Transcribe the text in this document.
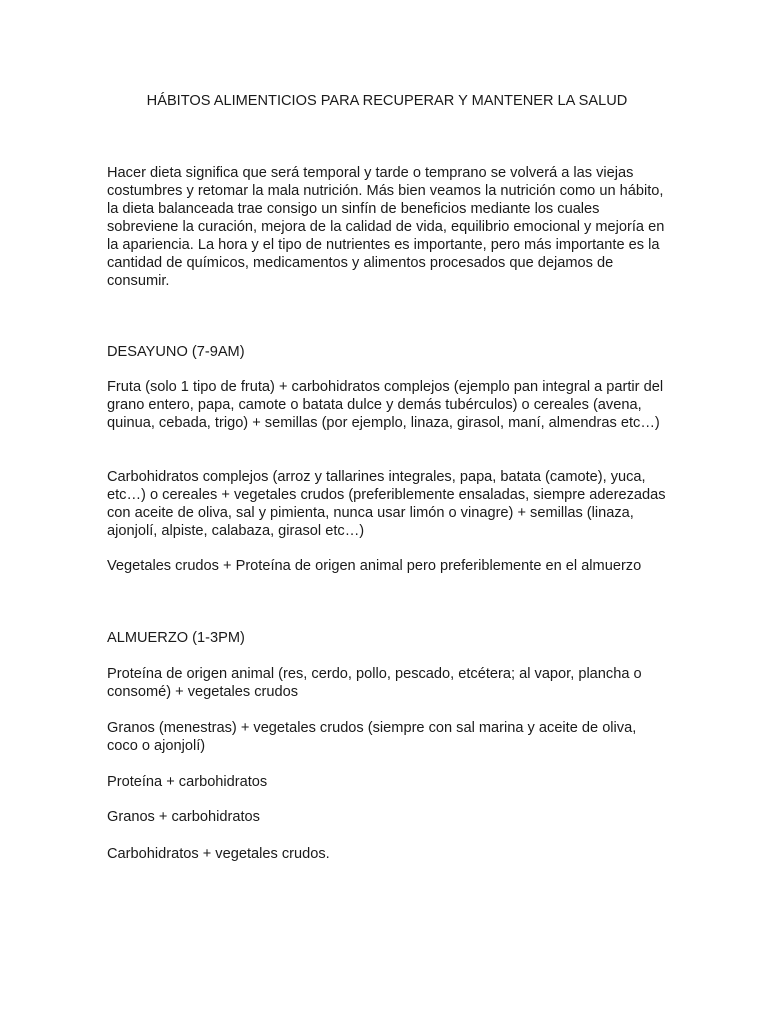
HÁBITOS ALIMENTICIOS PARA RECUPERAR Y MANTENER LA SALUD

Hacer dieta significa que será temporal y tarde o temprano se volverá a las viejas costumbres y retomar la mala nutrición. Más bien veamos la nutrición como un hábito, la dieta balanceada trae consigo un sinfín de beneficios mediante los cuales sobreviene la curación, mejora de la calidad de vida, equilibrio emocional y mejoría en la apariencia. La hora y el tipo de nutrientes es importante, pero más importante es la cantidad de químicos, medicamentos y alimentos procesados que dejamos de consumir.

DESAYUNO (7-9AM)

Fruta (solo 1 tipo de fruta) + carbohidratos complejos (ejemplo pan integral a partir del grano entero, papa, camote o batata dulce y demás tubérculos) o cereales (avena, quinua, cebada, trigo) + semillas (por ejemplo, linaza, girasol, maní, almendras etc…)

Carbohidratos complejos (arroz y tallarines integrales, papa, batata (camote), yuca, etc…) o cereales + vegetales crudos (preferiblemente ensaladas, siempre aderezadas con aceite de oliva, sal y pimienta, nunca usar limón o vinagre) + semillas (linaza, ajonjolí, alpiste, calabaza, girasol etc…)

Vegetales crudos + Proteína de origen animal pero preferiblemente en el almuerzo

ALMUERZO (1-3PM)

Proteína de origen animal (res, cerdo, pollo, pescado, etcétera; al vapor, plancha o consomé) + vegetales crudos

Granos (menestras) + vegetales crudos (siempre con sal marina y aceite de oliva, coco o ajonjolí)

Proteína + carbohidratos

Granos + carbohidratos

Carbohidratos + vegetales crudos.
